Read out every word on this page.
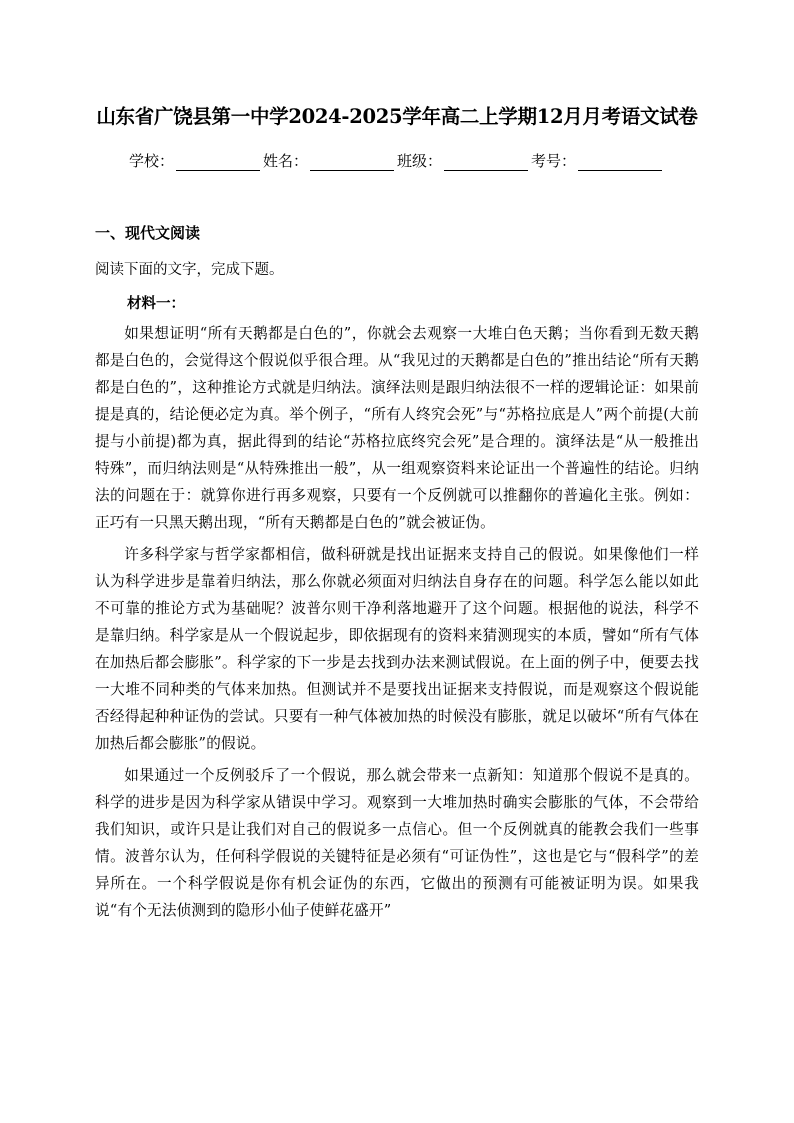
山东省广饶县第一中学2024-2025学年高二上学期12月月考语文试卷
学校：	姓名：	班级：	考号：
一、现代文阅读
阅读下面的文字，完成下题。
材料一：

如果想证明“所有天鹅都是白色的”，你就会去观察一大堆白色天鹅；当你看到无数天鹅都是白色的，会觉得这个假说似乎很合理。从“我见过的天鹅都是白色的”推出结论“所有天鹅都是白色的”，这种推论方式就是归纳法。演绎法则是跟归纳法很不一样的逻辑论证：如果前提是真的，结论便必定为真。举个例子，“所有人终究会死”与“苏格拉底是人”两个前提(大前提与小前提)都为真，据此得到的结论“苏格拉底终究会死”是合理的。演绎法是“从一般推出特殊”，而归纳法则是“从特殊推出一般”，从一组观察资料来论证出一个普遍性的结论。归纳法的问题在于：就算你进行再多观察，只要有一个反例就可以推翻你的普遍化主张。例如：正巧有一只黑天鹅出现，“所有天鹅都是白色的”就会被证伪。

许多科学家与哲学家都相信，做科研就是找出证据来支持自己的假说。如果像他们一样认为科学进步是靠着归纳法，那么你就必须面对归纳法自身存在的问题。科学怎么能以如此不可靠的推论方式为基础呢？波普尔则干净利落地避开了这个问题。根据他的说法，科学不是靠归纳。科学家是从一个假说起步，即依据现有的资料来猜测现实的本质，譬如“所有气体在加热后都会膨胀”。科学家的下一步是去找到办法来测试假说。在上面的例子中，便要去找一大堆不同种类的气体来加热。但测试并不是要找出证据来支持假说，而是观察这个假说能否经得起种种证伪的尝试。只要有一种气体被加热的时候没有膨胀，就足以破坏“所有气体在加热后都会膨胀”的假说。

如果通过一个反例驳斥了一个假说，那么就会带来一点新知：知道那个假说不是真的。科学的进步是因为科学家从错误中学习。观察到一大堆加热时确实会膨胀的气体，不会带给我们知识，或许只是让我们对自己的假说多一点信心。但一个反例就真的能教会我们一些事情。波普尔认为，任何科学假说的关键特征是必须有“可证伪性”，这也是它与“假科学”的差异所在。一个科学假说是你有机会证伪的东西，它做出的预测有可能被证明为误。如果我说“有个无法侦测到的隐形小仙子使鲜花盛开”
